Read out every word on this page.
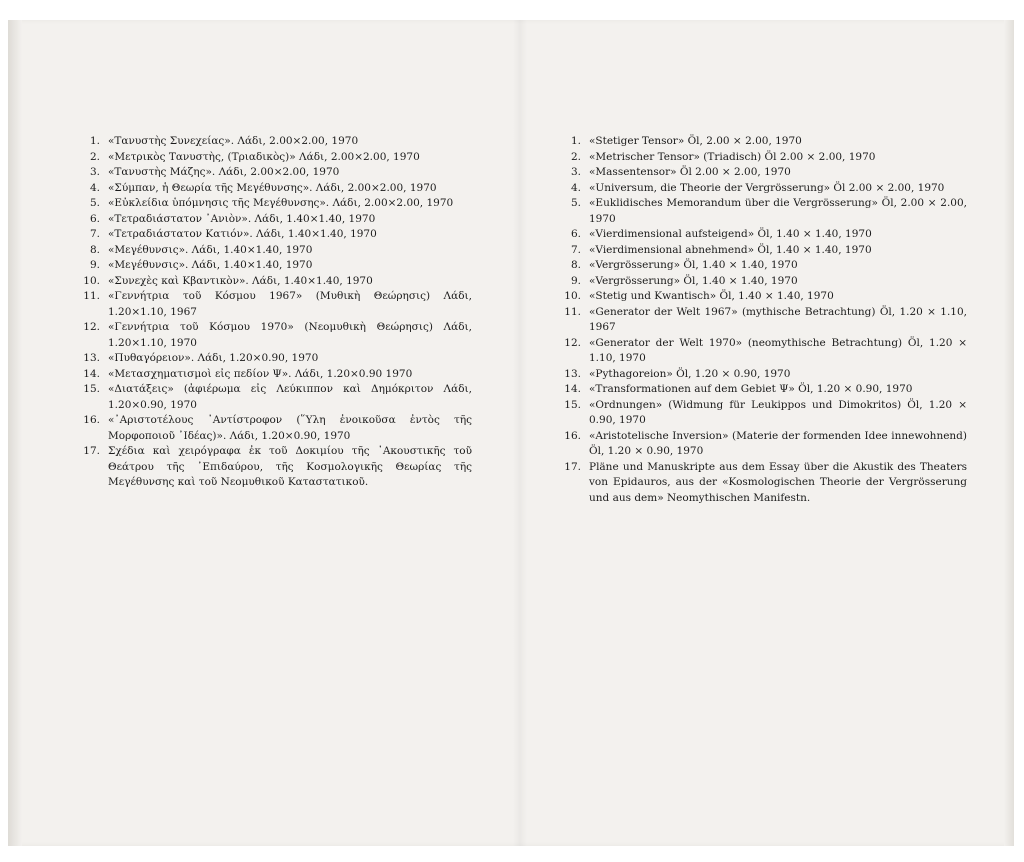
1. «Τανυστὴς Συνεχείας». Λάδι, 2.00×2.00, 1970
2. «Μετρικὸς Τανυστὴς, (Τριαδικὸς)» Λάδι, 2.00×2.00, 1970
3. «Τανυστὴς Μάζης». Λάδι, 2.00×2.00, 1970
4. «Σύμπαν, ἡ Θεωρία τῆς Μεγέθυνσης». Λάδι, 2.00×2.00, 1970
5. «Εὐκλείδια ὑπόμνησις τῆς Μεγέθυνσης». Λάδι, 2.00×2.00, 1970
6. «Τετραδιάστατον ᾿Ανιὸν». Λάδι, 1.40×1.40, 1970
7. «Τετραδιάστατον Κατιόν». Λάδι, 1.40×1.40, 1970
8. «Μεγέθυνσις». Λάδι, 1.40×1.40, 1970
9. «Μεγέθυνσις». Λάδι, 1.40×1.40, 1970
10. «Συνεχὲς καὶ Κβαντικὸν». Λάδι, 1.40×1.40, 1970
11. «Γεννήτρια τοῦ Κόσμου 1967» (Μυθικὴ Θεώρησις) Λάδι, 1.20×1.10, 1967
12. «Γεννήτρια τοῦ Κόσμου 1970» (Νεομυθικὴ Θεώρησις) Λάδι, 1.20×1.10, 1970
13. «Πυθαγόρειον». Λάδι, 1.20×0.90, 1970
14. «Μετασχηματισμοὶ εἰς πεδίον Ψ». Λάδι, 1.20×0.90 1970
15. «Διατάξεις» (ἀφιέρωμα εἰς Λεύκιππον καὶ Δημόκριτον Λάδι, 1.20×0.90, 1970
16. «᾿Αριστοτέλους ᾿Αντίστροφον (῞Υλη ἐνοικοῦσα ἐντὸς τῆς Μορφοποιοῦ ᾿Ιδέας)». Λάδι, 1.20×0.90, 1970
17. Σχέδια καὶ χειρόγραφα ἐκ τοῦ Δοκιμίου τῆς ᾿Ακουστικῆς τοῦ Θεάτρου τῆς ᾿Επιδαύρου, τῆς Κοσμολογικῆς Θεωρίας τῆς Μεγέθυνσης καὶ τοῦ Νεομυθικοῦ Καταστατικοῦ.
1. «Stetiger Tensor» Öl, 2.00 × 2.00, 1970
2. «Metrischer Tensor» (Triadisch) Öl 2.00 × 2.00, 1970
3. «Massentensor» Öl 2.00 × 2.00, 1970
4. «Universum, die Theorie der Vergrösserung» Öl 2.00 × 2.00, 1970
5. «Euklidisches Memorandum über die Vergrösserung» Öl, 2.00 × 2.00, 1970
6. «Vierdimensional aufsteigend» Öl, 1.40 × 1.40, 1970
7. «Vierdimensional abnehmend» Öl, 1.40 × 1.40, 1970
8. «Vergrösserung» Öl, 1.40 × 1.40, 1970
9. «Vergrösserung» Öl, 1.40 × 1.40, 1970
10. «Stetig und Kwantisch» Öl, 1.40 × 1.40, 1970
11. «Generator der Welt 1967» (mythische Betrachtung) Öl, 1.20 × 1.10, 1967
12. «Generator der Welt 1970» (neomythische Betrachtung) Öl, 1.20 × 1.10, 1970
13. «Pythagoreion» Öl, 1.20 × 0.90, 1970
14. «Transformationen auf dem Gebiet Ψ» Öl, 1.20 × 0.90, 1970
15. «Ordnungen» (Widmung für Leukippos und Dimokritos) Öl, 1.20 × 0.90, 1970
16. «Aristotelische Inversion» (Materie der formenden Idee innewohnend) Öl, 1.20 × 0.90, 1970
17. Pläne und Manuskripte aus dem Essay über die Akustik des Theaters von Epidauros, aus der «Kosmologischen Theorie der Vergrösserung und aus dem» Neomythischen Manifestn.
